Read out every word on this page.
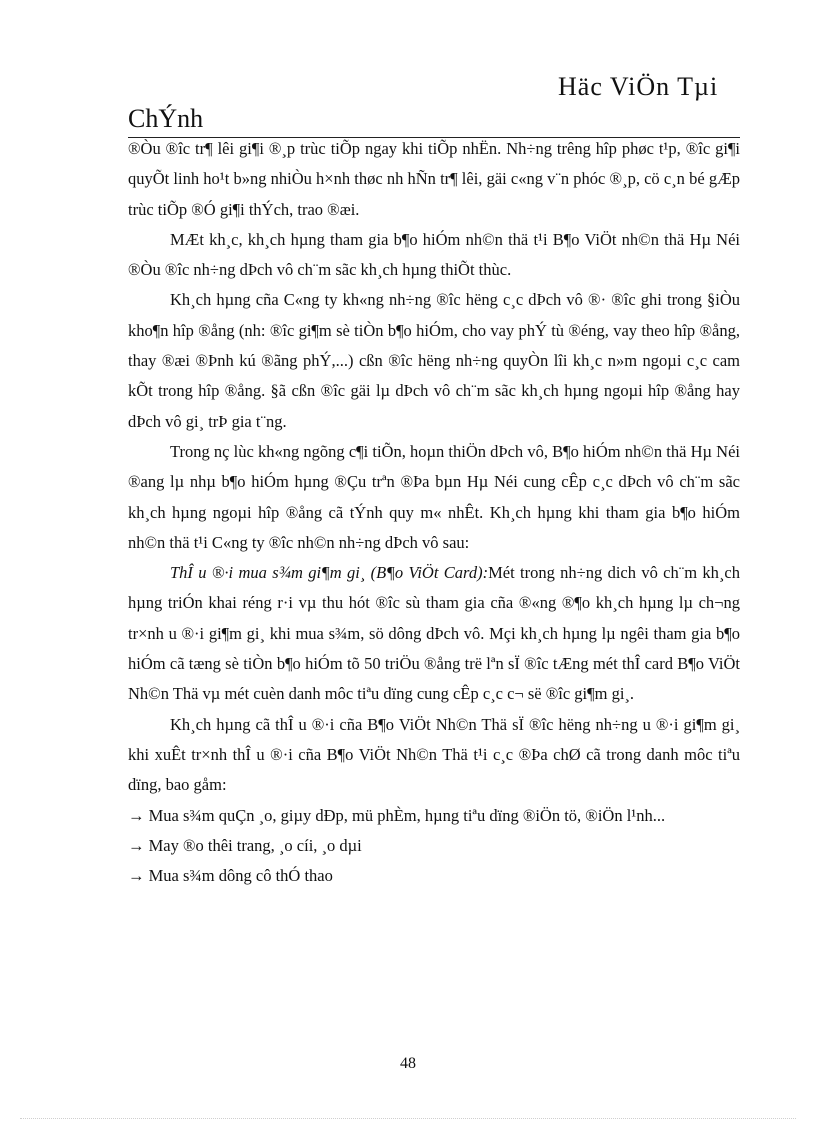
Häc ViÖn Tµi
ChÝnh

®Òu ®îc tr¶ lêi gi¶i ®¸p trùc tiÕp ngay khi tiÕp nhËn. Nh÷ng trêng hîp phøc t¹p, ®îc gi¶i quyÕt linh ho¹t b»ng nhiÒu h×nh thøc nh hÑn tr¶ lêi, gäi c«ng v¨n phóc ®¸p, cö c¸n bé gÆp trùc tiÕp ®Ó gi¶i thÝch, trao ®æi.

MÆt kh¸c, kh¸ch hµng tham gia b¶o hiÓm nh©n thä t¹i B¶o ViÖt nh©n thä Hµ Néi ®Òu ®îc nh÷ng dÞch vô ch¨m sãc kh¸ch hµng thiÕt thùc.

Kh¸ch hµng cña C«ng ty kh«ng nh÷ng ®îc hëng c¸c dÞch vô ®· ®îc ghi trong §iÒu kho¶n hîp ®ång (nh: ®îc gi¶m sè tiÒn b¶o hiÓm, cho vay phÝ tù ®éng, vay theo hîp ®ång, thay ®æi ®Þnh kú ®ãng phÝ,...) cßn ®îc hëng nh÷ng quyÒn lîi kh¸c n»m ngoµi c¸c cam kÕt trong hîp ®ång. §ã cßn ®îc gäi lµ dÞch vô ch¨m sãc kh¸ch hµng ngoµi hîp ®ång hay dÞch vô gi¸ trÞ gia t¨ng.

Trong nç lùc kh«ng ngõng c¶i tiÕn, hoµn thiÖn dÞch vô, B¶o hiÓm nh©n thä Hµ Néi ®ang lµ nhµ b¶o hiÓm hµng ®Çu trªn ®Þa bµn Hµ Néi cung cÊp c¸c dÞch vô ch¨m sãc kh¸ch hµng ngoµi hîp ®ång cã tÝnh quy m« nhÊt. Kh¸ch hµng khi tham gia b¶o hiÓm nh©n thä t¹i C«ng ty ®îc nh©n nh÷ng dÞch vô sau:

ThÎ u ®·i mua s¾m gi¶m gi¸ (B¶o ViÖt Card):Mét trong nh÷ng dich vô ch¨m kh¸ch hµng triÓn khai réng r·i vµ thu hót ®îc sù tham gia cña ®«ng ®¶o kh¸ch hµng lµ ch¬ng tr×nh u ®·i gi¶m gi¸ khi mua s¾m, sö dông dÞch vô. Mçi kh¸ch hµng lµ ngêi tham gia b¶o hiÓm cã tæng sè tiÒn b¶o hiÓm tõ 50 triÖu ®ång trë lªn sÏ ®îc tÆng mét thÎ card B¶o ViÖt Nh©n Thä vµ mét cuèn danh môc tiªu dïng cung cÊp c¸c c¬ së ®îc gi¶m gi¸.

Kh¸ch hµng cã thÎ u ®·i cña B¶o ViÖt Nh©n Thä sÏ ®îc hëng nh÷ng u ®·i gi¶m gi¸ khi xuÊt tr×nh thÎ u ®·i cña B¶o ViÖt Nh©n Thä t¹i c¸c ®Þa chØ cã trong danh môc tiªu dïng, bao gåm:

→ Mua s¾m quÇn ¸o, giµy dÐp, mü phÈm, hµng tiªu dïng ®iÖn tö, ®iÖn l¹nh...

→ May ®o thêi trang, ¸o cíi, ¸o dµi

→ Mua s¾m dông cô thÓ thao

48
